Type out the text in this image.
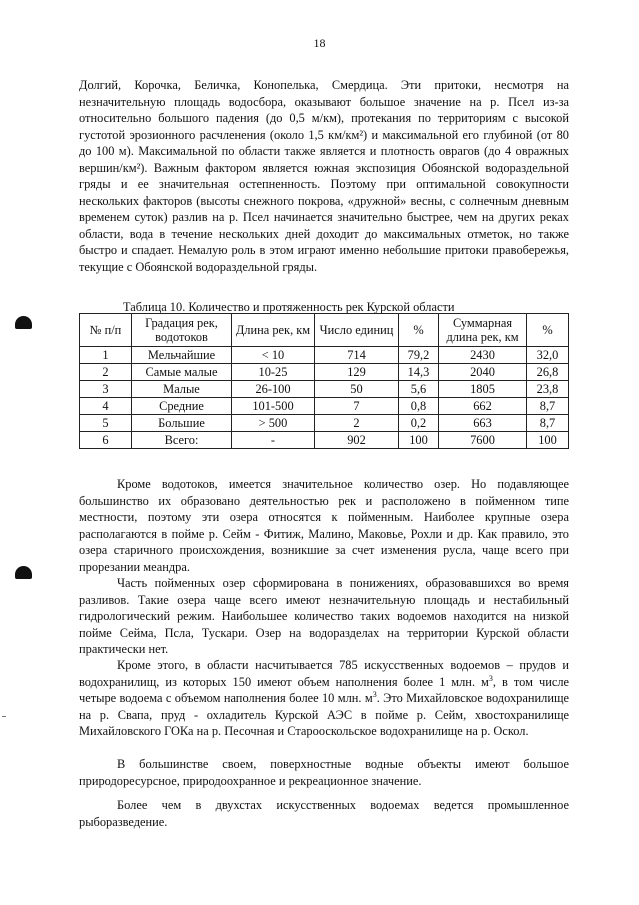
18

Долгий, Корочка, Беличка, Конопелька, Смердица. Эти притоки, несмотря на незначительную площадь водосбора, оказывают большое значение на р. Псел из-за относительно большого падения (до 0,5 м/км), протекания по территориям с высокой густотой эрозионного расчленения (около 1,5 км/км²) и максимальной его глубиной (от 80 до 100 м). Максимальной по области также является и плотность оврагов (до 4 овражных вершин/км²). Важным фактором является южная экспозиция Обоянской водораздельной гряды и ее значительная остепненность. Поэтому при оптимальной совокупности нескольких факторов (высоты снежного покрова, «дружной» весны, с солнечным дневным временем суток) разлив на р. Псел начинается значительно быстрее, чем на других реках области, вода в течение нескольких дней доходит до максимальных отметок, но также быстро и спадает. Немалую роль в этом играют именно небольшие притоки правобережья, текущие с Обоянской водораздельной гряды.

Таблица 10. Количество и протяженность рек Курской области

№ п/п	Градация рек, водотоков	Длина рек, км	Число единиц	%	Суммарная длина рек, км	%
1	Мельчайшие	< 10	714	79,2	2430	32,0
2	Самые малые	10-25	129	14,3	2040	26,8
3	Малые	26-100	50	5,6	1805	23,8
4	Средние	101-500	7	0,8	662	8,7
5	Большие	> 500	2	0,2	663	8,7
6	Всего:	-	902	100	7600	100

Кроме водотоков, имеется значительное количество озер. Но подавляющее большинство их образовано деятельностью рек и расположено в пойменном типе местности, поэтому эти озера относятся к пойменным. Наиболее крупные озера располагаются в пойме р. Сейм - Фитиж, Малино, Маковье, Рохли и др. Как правило, это озера старичного происхождения, возникшие за счет изменения русла, чаще всего при прорезании меандра.

Часть пойменных озер сформирована в понижениях, образовавшихся во время разливов. Такие озера чаще всего имеют незначительную площадь и нестабильный гидрологический режим. Наибольшее количество таких водоемов находится на низкой пойме Сейма, Псла, Тускари. Озер на водоразделах на территории Курской области практически нет.

Кроме этого, в области насчитывается 785 искусственных водоемов – прудов и водохранилищ, из которых 150 имеют объем наполнения более 1 млн. $м^3$, в том числе четыре водоема с объемом наполнения более 10 млн. $м^3$. Это Михайловское водохранилище на р. Свапа, пруд - охладитель Курской АЭС в пойме р. Сейм, хвостохранилище Михайловского ГОКа на р. Песочная и Старооскольское водохранилище на р. Оскол.

В большинстве своем, поверхностные водные объекты имеют большое природоресурсное, природоохранное и рекреационное значение.

Более чем в двухстах искусственных водоемах ведется промышленное рыборазведение.
